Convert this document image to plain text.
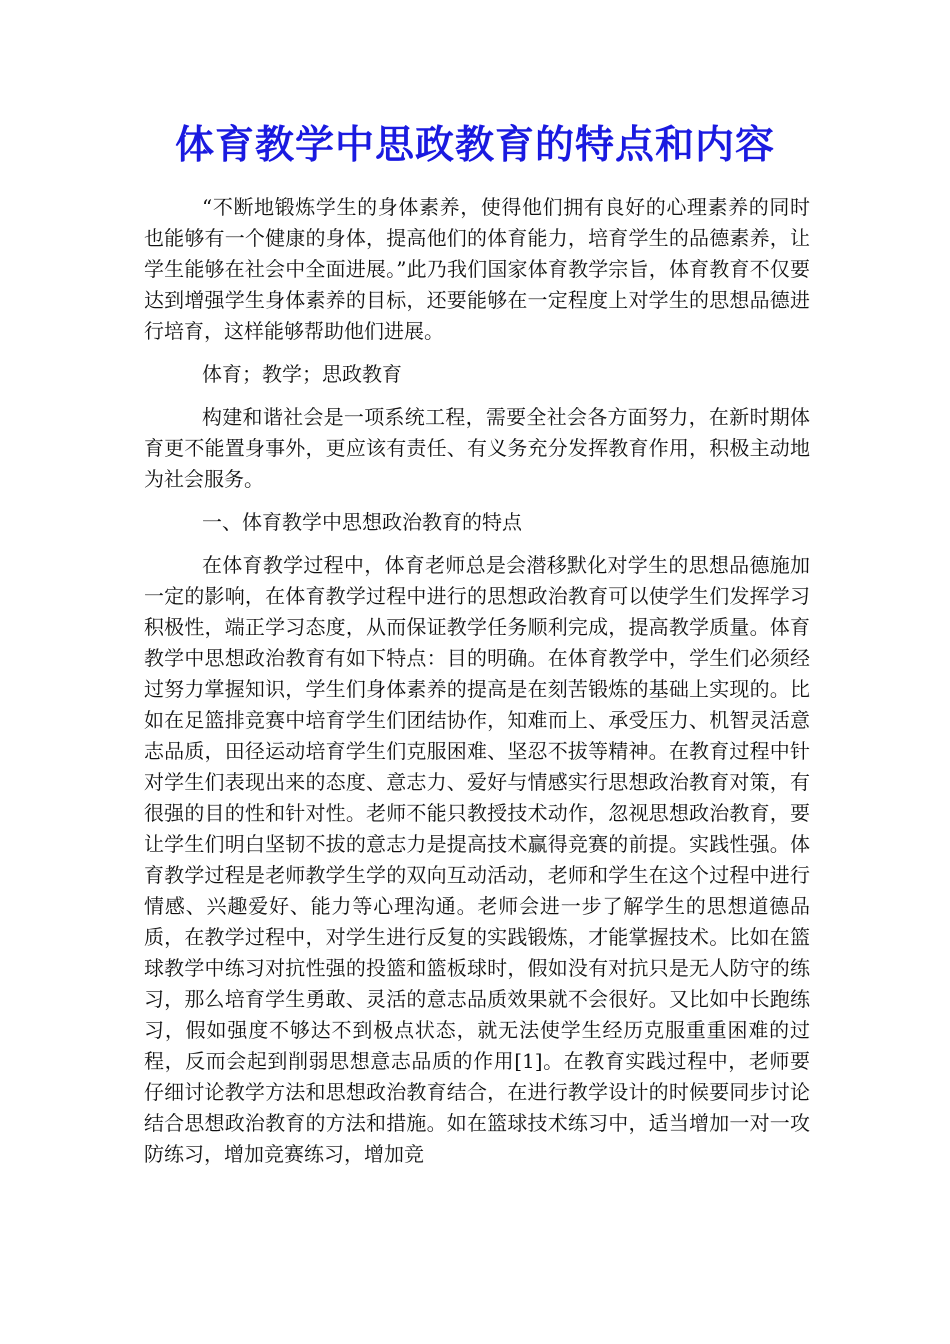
体育教学中思政教育的特点和内容

“不断地锻炼学生的身体素养，使得他们拥有良好的心理素养的同时也能够有一个健康的身体，提高他们的体育能力，培育学生的品德素养，让学生能够在社会中全面进展。”此乃我们国家体育教学宗旨，体育教育不仅要达到增强学生身体素养的目标，还要能够在一定程度上对学生的思想品德进行培育，这样能够帮助他们进展。

体育；教学；思政教育

构建和谐社会是一项系统工程，需要全社会各方面努力，在新时期体育更不能置身事外，更应该有责任、有义务充分发挥教育作用，积极主动地为社会服务。

一、体育教学中思想政治教育的特点

在体育教学过程中，体育老师总是会潜移默化对学生的思想品德施加一定的影响，在体育教学过程中进行的思想政治教育可以使学生们发挥学习积极性，端正学习态度，从而保证教学任务顺利完成，提高教学质量。体育教学中思想政治教育有如下特点：目的明确。在体育教学中，学生们必须经过努力掌握知识，学生们身体素养的提高是在刻苦锻炼的基础上实现的。比如在足篮排竞赛中培育学生们团结协作，知难而上、承受压力、机智灵活意志品质，田径运动培育学生们克服困难、坚忍不拔等精神。在教育过程中针对学生们表现出来的态度、意志力、爱好与情感实行思想政治教育对策，有很强的目的性和针对性。老师不能只教授技术动作，忽视思想政治教育，要让学生们明白坚韧不拔的意志力是提高技术赢得竞赛的前提。实践性强。体育教学过程是老师教学生学的双向互动活动，老师和学生在这个过程中进行情感、兴趣爱好、能力等心理沟通。老师会进一步了解学生的思想道德品质，在教学过程中，对学生进行反复的实践锻炼，才能掌握技术。比如在篮球教学中练习对抗性强的投篮和篮板球时，假如没有对抗只是无人防守的练习，那么培育学生勇敢、灵活的意志品质效果就不会很好。又比如中长跑练习，假如强度不够达不到极点状态，就无法使学生经历克服重重困难的过程，反而会起到削弱思想意志品质的作用[1]。在教育实践过程中，老师要仔细讨论教学方法和思想政治教育结合，在进行教学设计的时候要同步讨论结合思想政治教育的方法和措施。如在篮球技术练习中，适当增加一对一攻防练习，增加竞赛练习，增加竞
